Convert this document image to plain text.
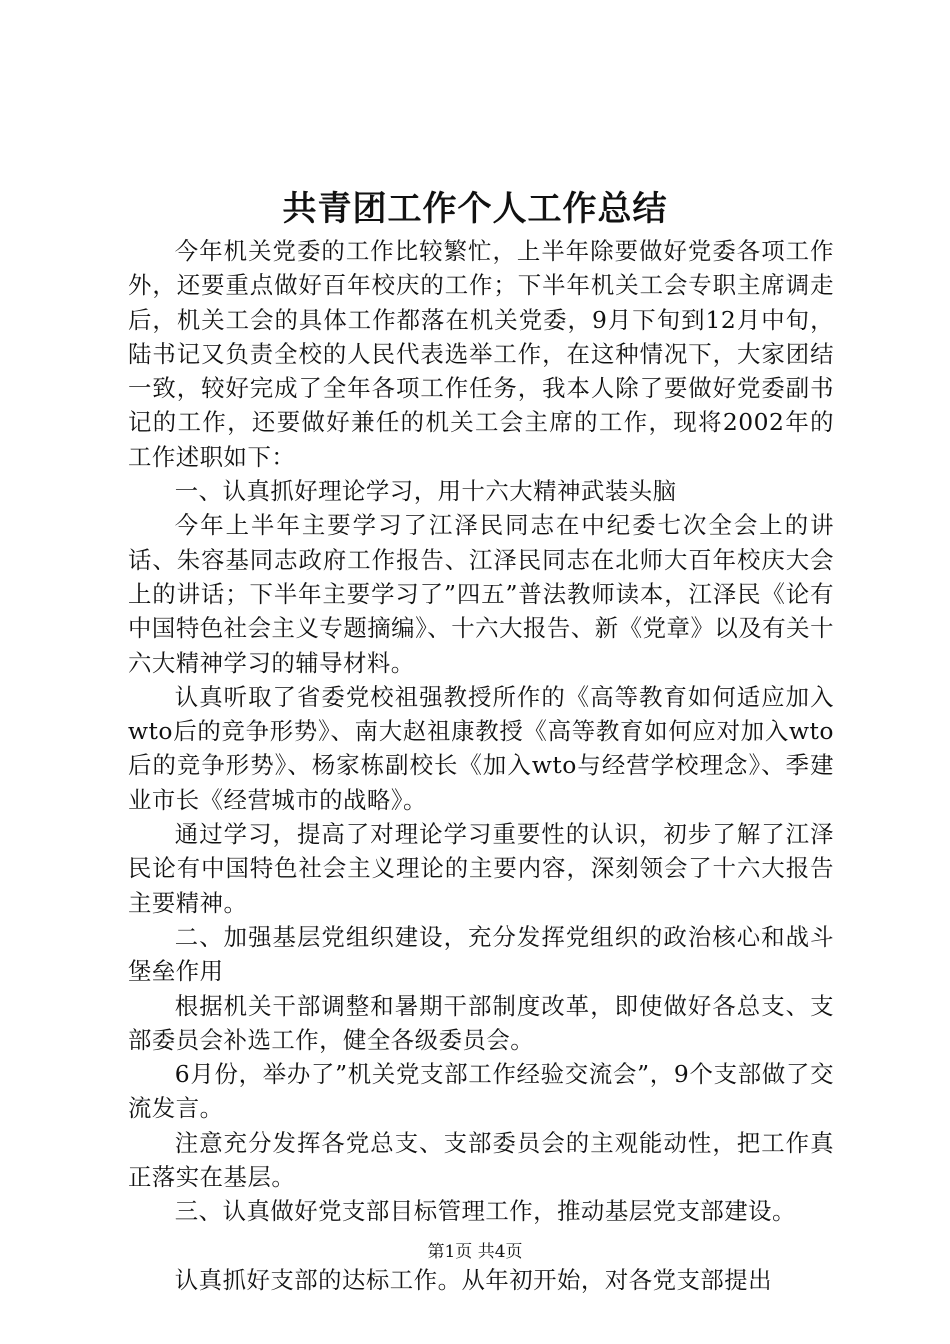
共青团工作个人工作总结

今年机关党委的工作比较繁忙，上半年除要做好党委各项工作外，还要重点做好百年校庆的工作；下半年机关工会专职主席调走后，机关工会的具体工作都落在机关党委，9月下旬到12月中旬，陆书记又负责全校的人民代表选举工作，在这种情况下，大家团结一致，较好完成了全年各项工作任务，我本人除了要做好党委副书记的工作，还要做好兼任的机关工会主席的工作，现将2002年的工作述职如下：

一、认真抓好理论学习，用十六大精神武装头脑

今年上半年主要学习了江泽民同志在中纪委七次全会上的讲话、朱容基同志政府工作报告、江泽民同志在北师大百年校庆大会上的讲话；下半年主要学习了”四五”普法教师读本，江泽民《论有中国特色社会主义专题摘编》、十六大报告、新《党章》以及有关十六大精神学习的辅导材料。

认真听取了省委党校祖强教授所作的《高等教育如何适应加入wto后的竞争形势》、南大赵祖康教授《高等教育如何应对加入wto后的竞争形势》、杨家栋副校长《加入wto与经营学校理念》、季建业市长《经营城市的战略》。

通过学习，提高了对理论学习重要性的认识，初步了解了江泽民论有中国特色社会主义理论的主要内容，深刻领会了十六大报告主要精神。

二、加强基层党组织建设，充分发挥党组织的政治核心和战斗堡垒作用

根据机关干部调整和暑期干部制度改革，即使做好各总支、支部委员会补选工作，健全各级委员会。

6月份，举办了”机关党支部工作经验交流会”，9个支部做了交流发言。

注意充分发挥各党总支、支部委员会的主观能动性，把工作真正落实在基层。

三、认真做好党支部目标管理工作，推动基层党支部建设。

认真抓好支部的达标工作。从年初开始，对各党支部提出

第1页 共4页
